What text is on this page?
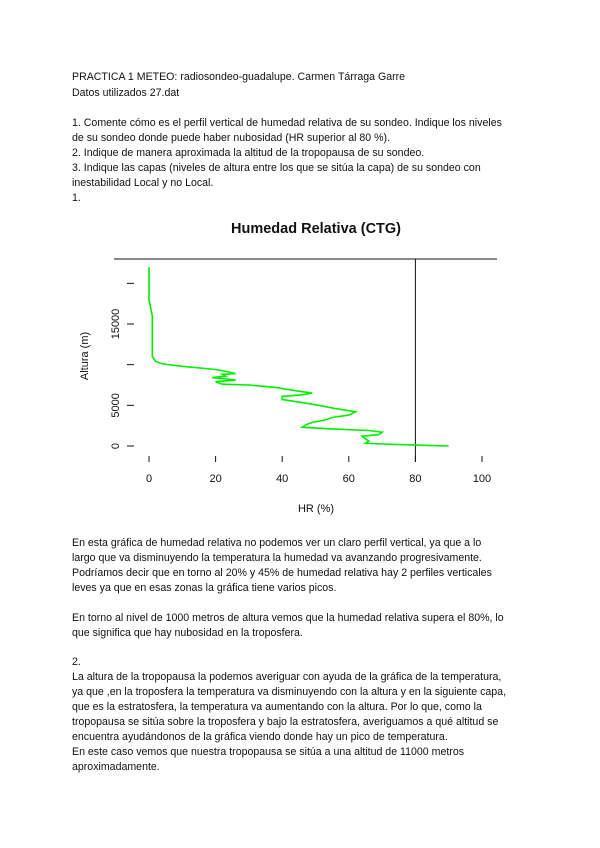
PRACTICA 1 METEO: radiosondeo-guadalupe. Carmen Tárraga Garre
Datos utilizados 27.dat
1. Comente cómo es el perfil vertical de humedad relativa de su sondeo. Indique los niveles
de su sondeo donde puede haber nubosidad (HR superior al 80 %).
2. Indique de manera aproximada la altitud de la tropopausa de su sondeo.
3. Indique las capas (niveles de altura entre los que se sitúa la capa) de su sondeo con
inestabilidad Local y no Local.
1.
Humedad Relativa (CTG)
0	20	40	60	80	100
0
5000
15000
HR (%)
Altura (m)
En esta gráfica de humedad relativa no podemos ver un claro perfil vertical, ya que a lo
largo que va disminuyendo la temperatura la humedad va avanzando progresivamente.
Podríamos decir que en torno al 20% y 45% de humedad relativa hay 2 perfiles verticales
leves ya que en esas zonas la gráfica tiene varios picos.
En torno al nivel de 1000 metros de altura vemos que la humedad relativa supera el 80%, lo
que significa que hay nubosidad en la troposfera.
2.
La altura de la tropopausa la podemos averiguar con ayuda de la gráfica de la temperatura,
ya que ,en la troposfera la temperatura va disminuyendo con la altura y en la siguiente capa,
que es la estratosfera, la temperatura va aumentando con la altura. Por lo que, como la
tropopausa se sitúa sobre la troposfera y bajo la estratosfera, averiguamos a qué altitud se
encuentra ayudándonos de la gráfica viendo donde hay un pico de temperatura.
En este caso vemos que nuestra tropopausa se sitúa a una altitud de 11000 metros
aproximadamente.
